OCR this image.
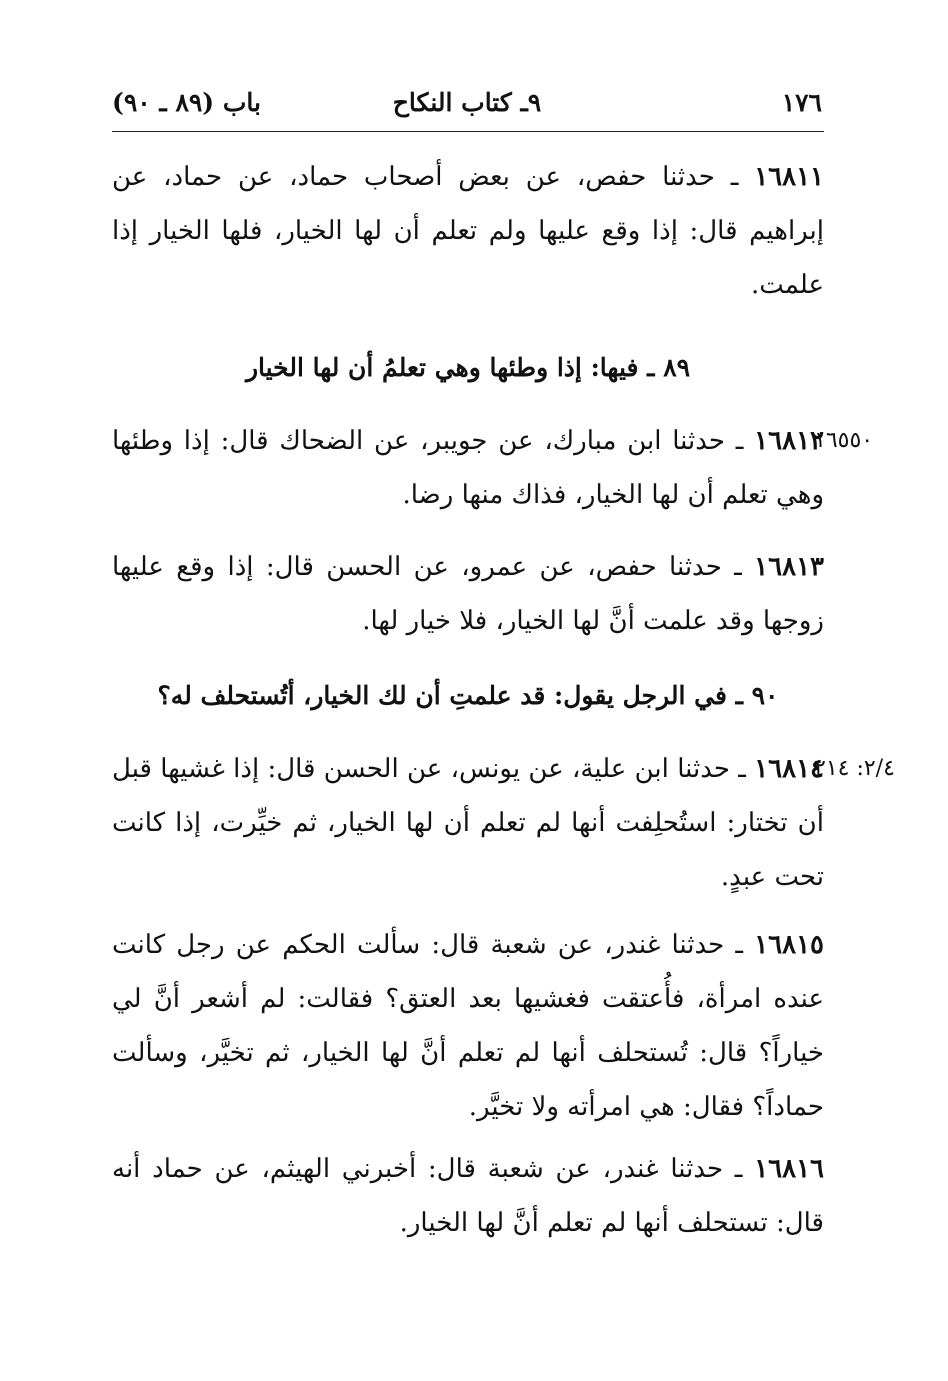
١٧٦
٩ـ كتاب النكاح
باب (٨٩ ـ ٩٠)

١٦٨١١ ـ حدثنا حفص، عن بعض أصحاب حماد، عن حماد، عن إبراهيم قال: إذا وقع عليها ولم تعلم أن لها الخيار، فلها الخيار إذا علمت.

٨٩ ـ فيها: إذا وطئها وهي تعلمُ أن لها الخيار
١٦٥٥٠

١٦٨١٢ ـ حدثنا ابن مبارك، عن جويبر، عن الضحاك قال: إذا وطئها وهي تعلم أن لها الخيار، فذاك منها رضا.

١٦٨١٣ ـ حدثنا حفص، عن عمرو، عن الحسن قال: إذا وقع عليها زوجها وقد علمت أنَّ لها الخيار، فلا خيار لها.

٩٠ ـ في الرجل يقول: قد علمتِ أن لك الخيار، أتُستحلف له؟
٢/٤: ٢١٤

١٦٨١٤ ـ حدثنا ابن علية، عن يونس، عن الحسن قال: إذا غشيها قبل أن تختار: استُحلِفت أنها لم تعلم أن لها الخيار، ثم خيِّرت، إذا كانت تحت عبدٍ.

١٦٨١٥ ـ حدثنا غندر، عن شعبة قال: سألت الحكم عن رجل كانت عنده امرأة، فأُعتقت فغشيها بعد العتق؟ فقالت: لم أشعر أنَّ لي خياراً؟ قال: تُستحلف أنها لم تعلم أنَّ لها الخيار، ثم تخيَّر، وسألت حماداً؟ فقال: هي امرأته ولا تخيَّر.

١٦٨١٦ ـ حدثنا غندر، عن شعبة قال: أخبرني الهيثم، عن حماد أنه قال: تستحلف أنها لم تعلم أنَّ لها الخيار.
